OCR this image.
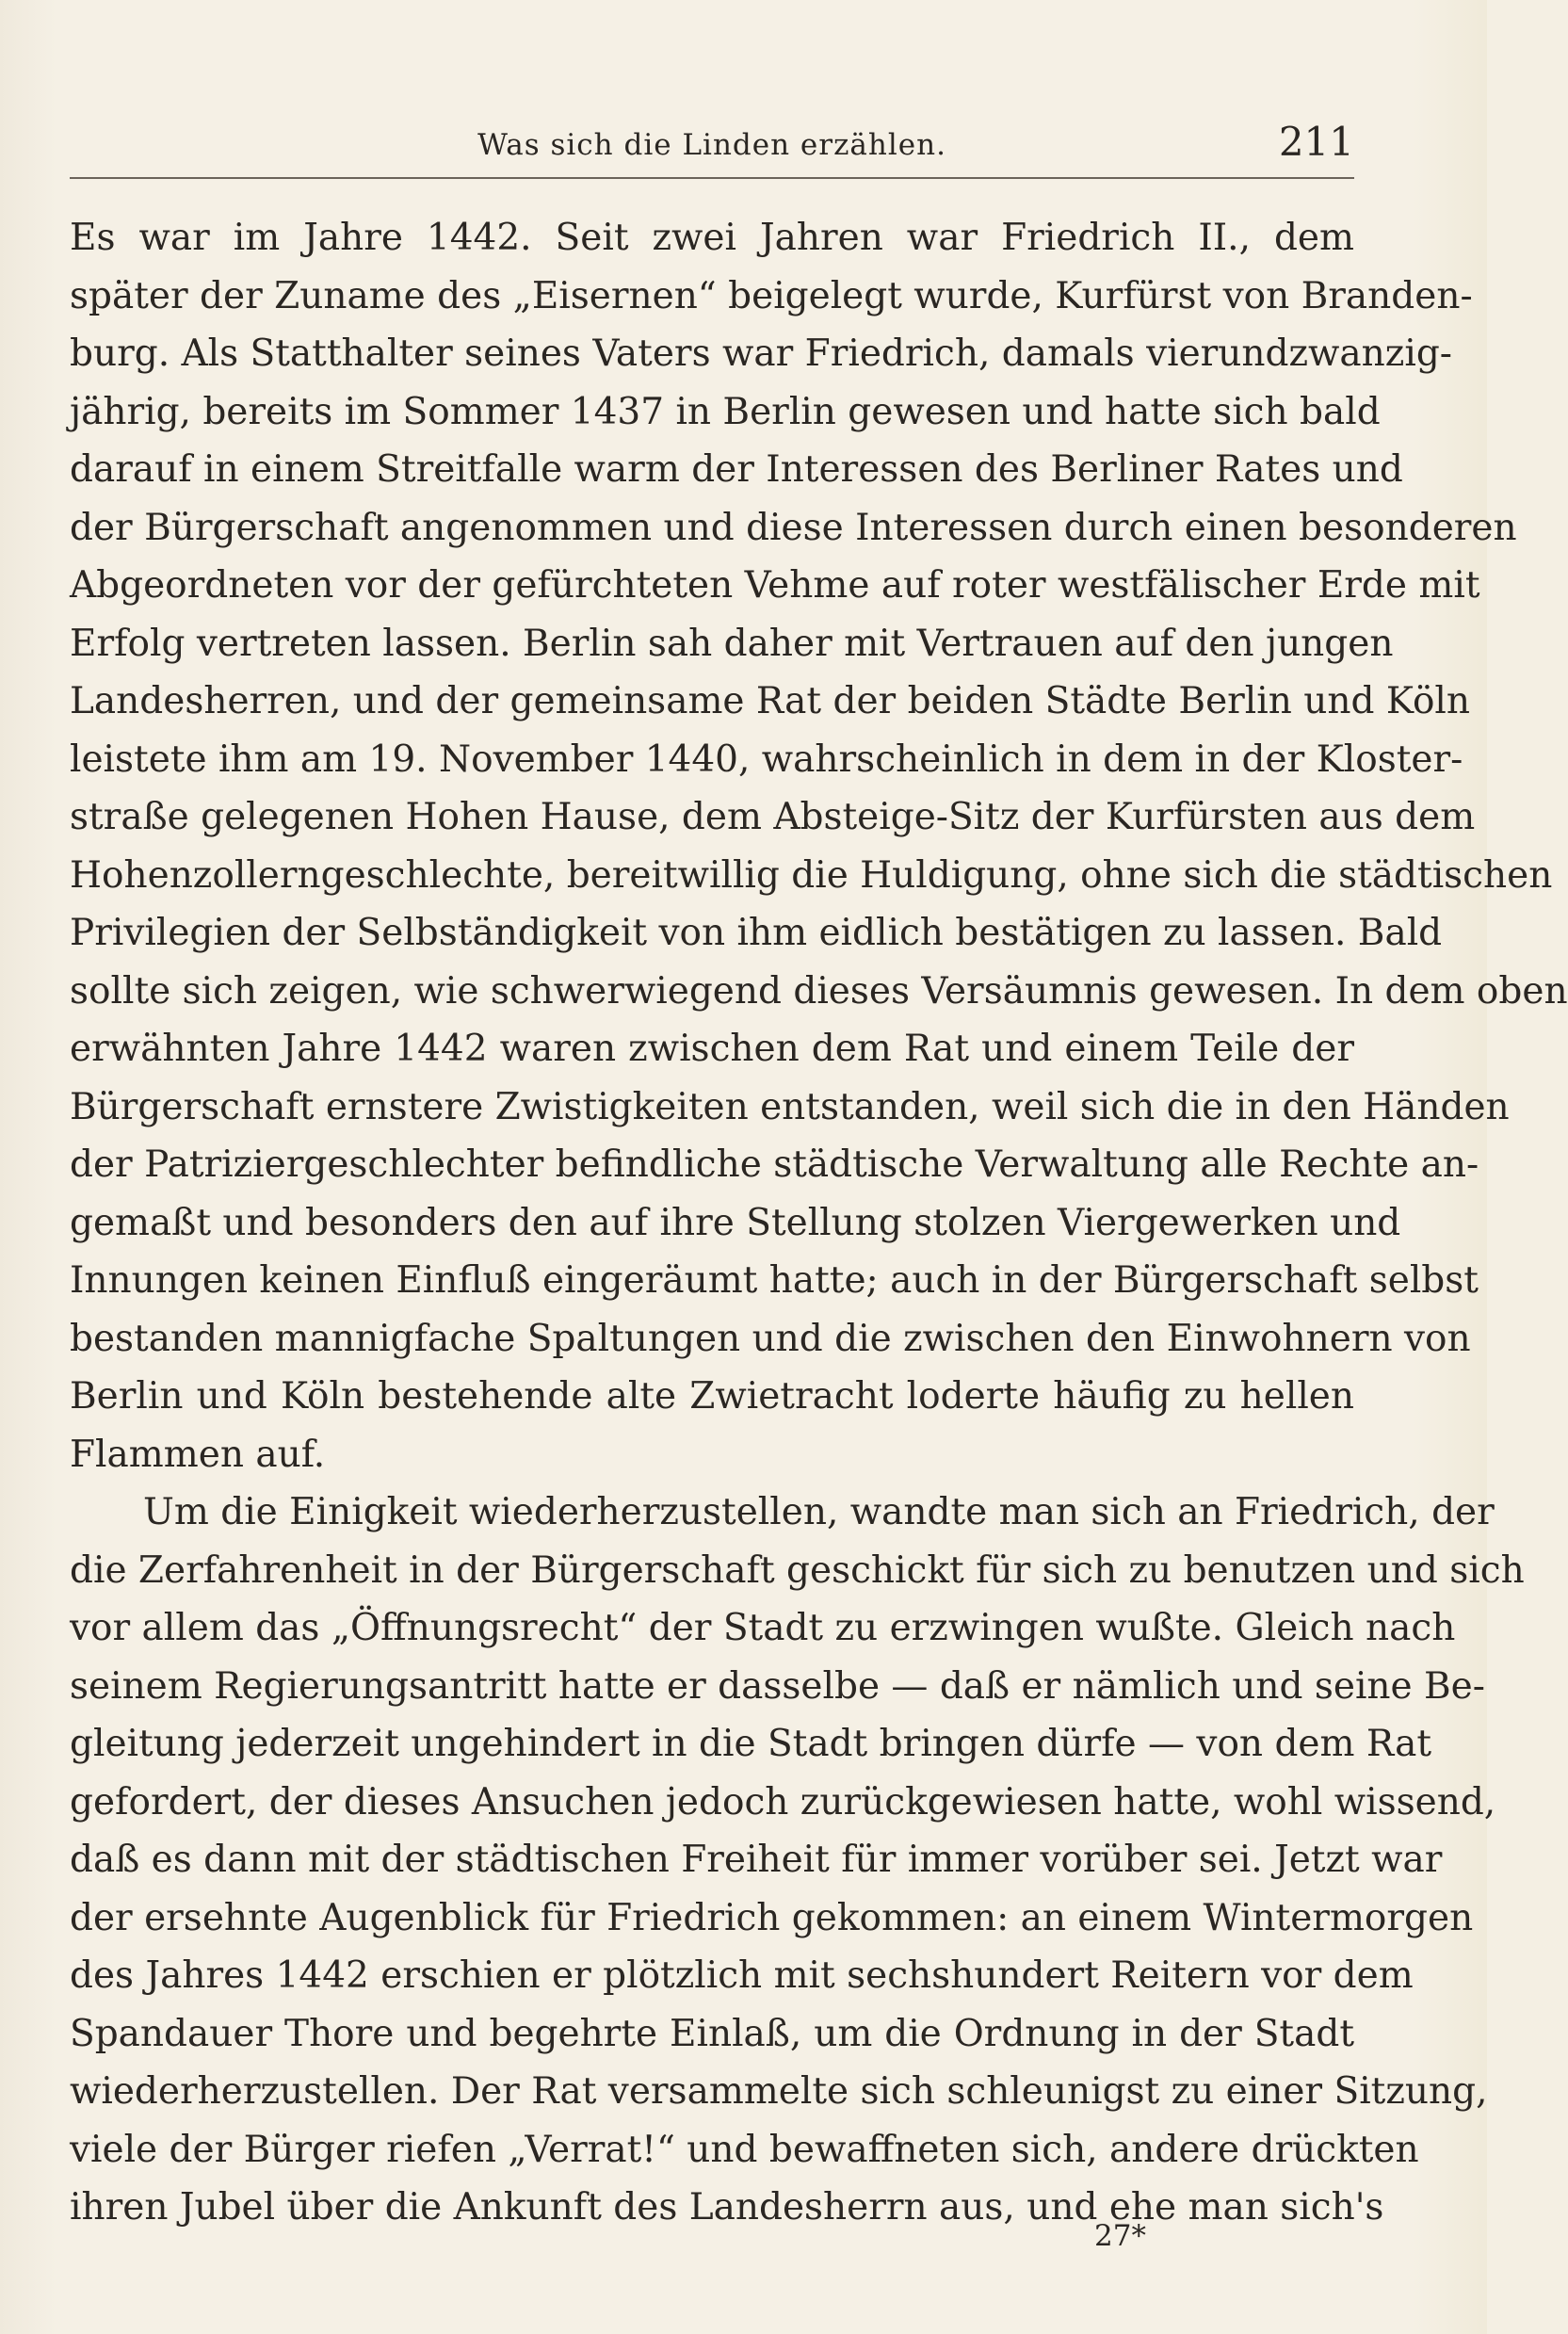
Was sich die Linden erzählen.	211
Es war im Jahre 1442. Seit zwei Jahren war Friedrich II., dem
später der Zuname des „Eisernen“ beigelegt wurde, Kurfürst von Branden-
burg. Als Statthalter seines Vaters war Friedrich, damals vierundzwanzig-
jährig, bereits im Sommer 1437 in Berlin gewesen und hatte sich bald
darauf in einem Streitfalle warm der Interessen des Berliner Rates und
der Bürgerschaft angenommen und diese Interessen durch einen besonderen
Abgeordneten vor der gefürchteten Vehme auf roter westfälischer Erde mit
Erfolg vertreten lassen. Berlin sah daher mit Vertrauen auf den jungen
Landesherren, und der gemeinsame Rat der beiden Städte Berlin und Köln
leistete ihm am 19. November 1440, wahrscheinlich in dem in der Kloster-
straße gelegenen Hohen Hause, dem Absteige-Sitz der Kurfürsten aus dem
Hohenzollerngeschlechte, bereitwillig die Huldigung, ohne sich die städtischen
Privilegien der Selbständigkeit von ihm eidlich bestätigen zu lassen. Bald
sollte sich zeigen, wie schwerwiegend dieses Versäumnis gewesen. In dem oben
erwähnten Jahre 1442 waren zwischen dem Rat und einem Teile der
Bürgerschaft ernstere Zwistigkeiten entstanden, weil sich die in den Händen
der Patriziergeschlechter befindliche städtische Verwaltung alle Rechte an-
gemaßt und besonders den auf ihre Stellung stolzen Viergewerken und
Innungen keinen Einfluß eingeräumt hatte; auch in der Bürgerschaft selbst
bestanden mannigfache Spaltungen und die zwischen den Einwohnern von
Berlin und Köln bestehende alte Zwietracht loderte häufig zu hellen
Flammen auf.
Um die Einigkeit wiederherzustellen, wandte man sich an Friedrich, der
die Zerfahrenheit in der Bürgerschaft geschickt für sich zu benutzen und sich
vor allem das „Öffnungsrecht“ der Stadt zu erzwingen wußte. Gleich nach
seinem Regierungsantritt hatte er dasselbe — daß er nämlich und seine Be-
gleitung jederzeit ungehindert in die Stadt bringen dürfe — von dem Rat
gefordert, der dieses Ansuchen jedoch zurückgewiesen hatte, wohl wissend,
daß es dann mit der städtischen Freiheit für immer vorüber sei. Jetzt war
der ersehnte Augenblick für Friedrich gekommen: an einem Wintermorgen
des Jahres 1442 erschien er plötzlich mit sechshundert Reitern vor dem
Spandauer Thore und begehrte Einlaß, um die Ordnung in der Stadt
wiederherzustellen. Der Rat versammelte sich schleunigst zu einer Sitzung,
viele der Bürger riefen „Verrat!“ und bewaffneten sich, andere drückten
ihren Jubel über die Ankunft des Landesherrn aus, und ehe man sich's
27*
